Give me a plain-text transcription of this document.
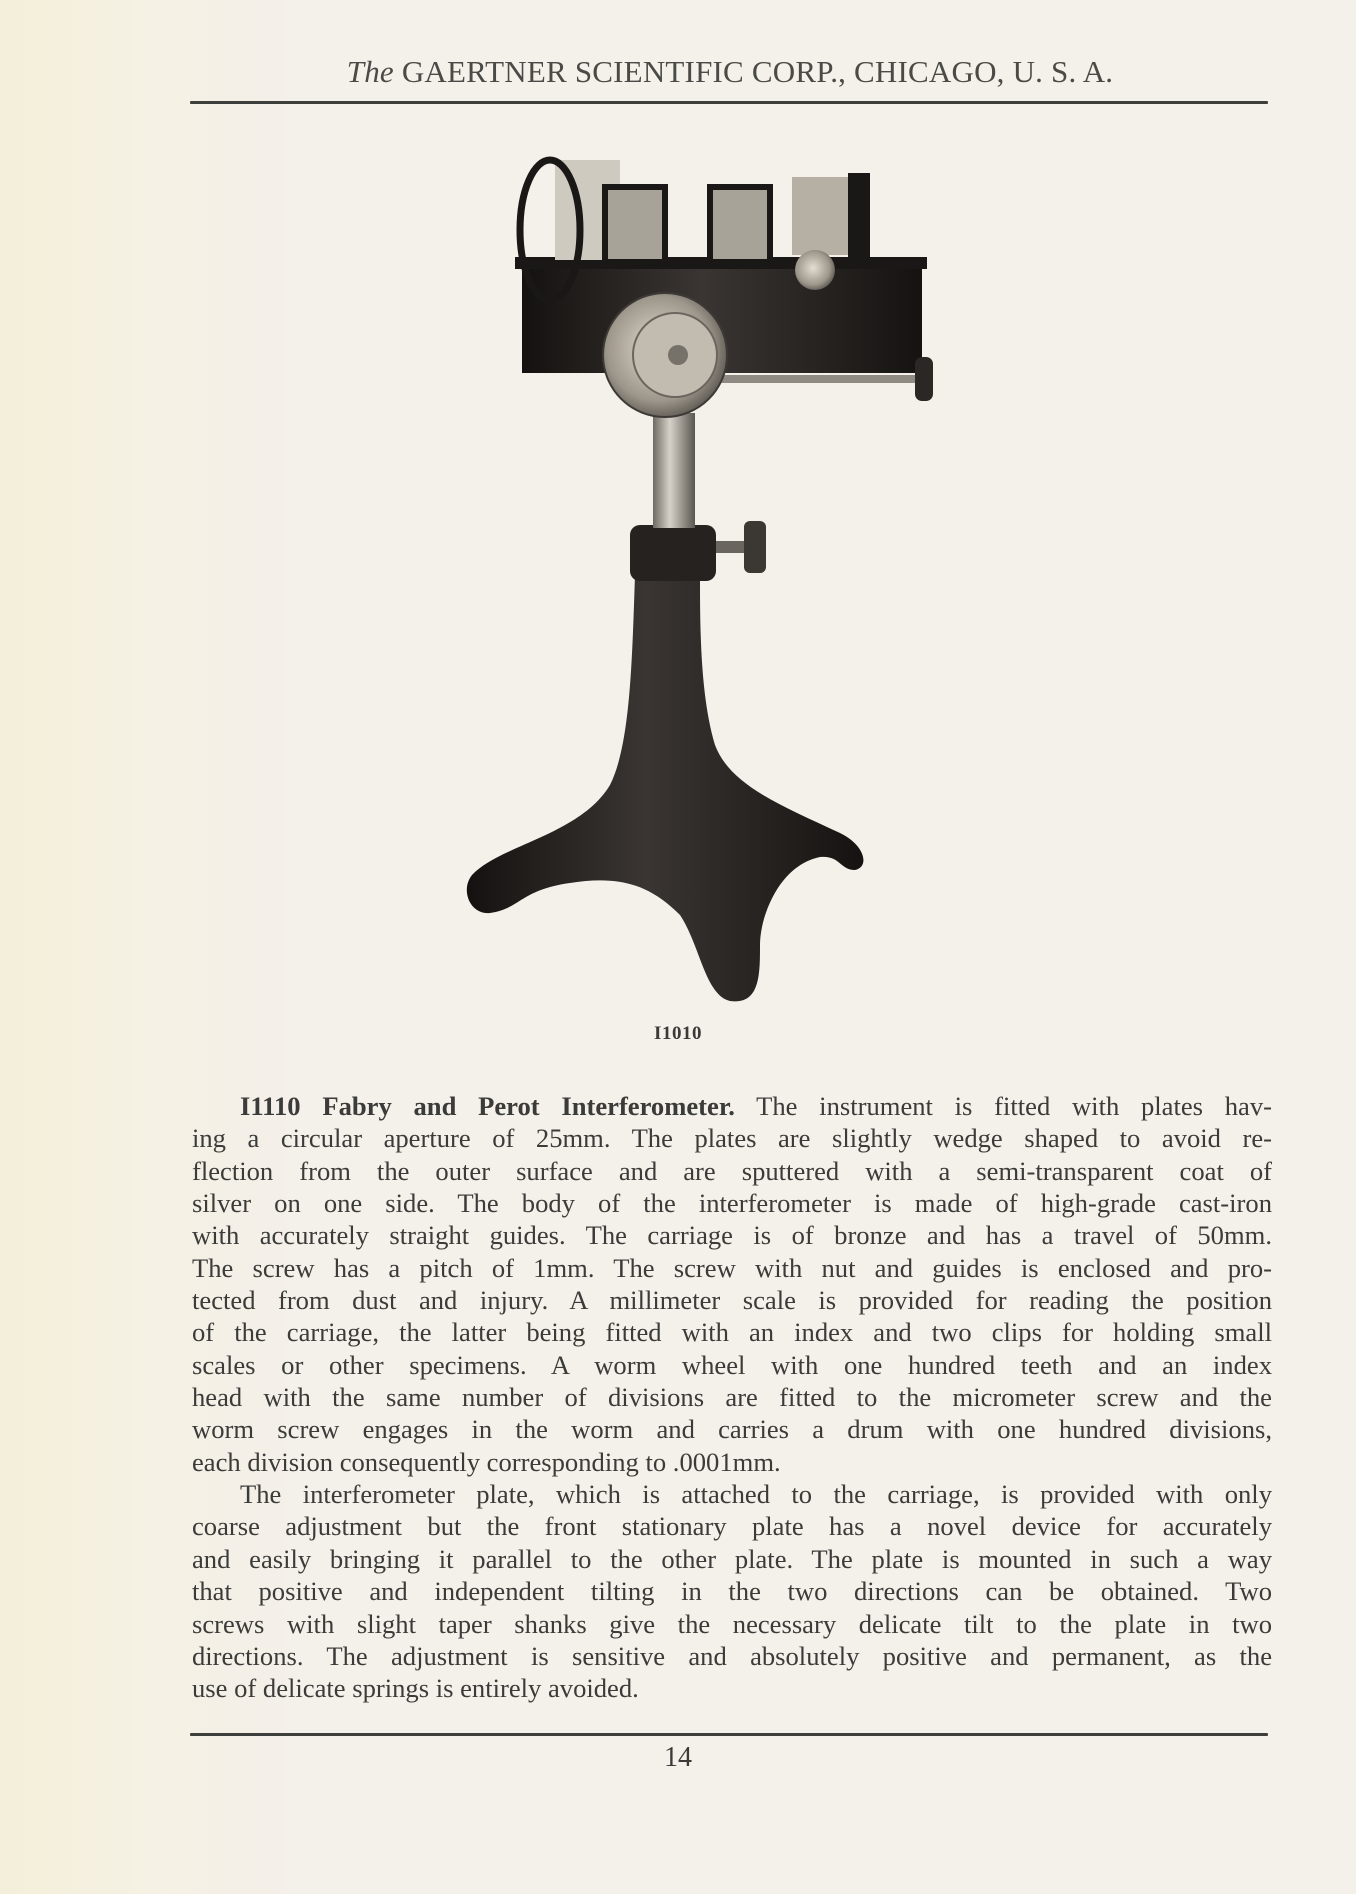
The GAERTNER SCIENTIFIC CORP., CHICAGO, U. S. A.
I1010
I1110 Fabry and Perot Interferometer. The instrument is fitted with plates hav-
ing a circular aperture of 25mm. The plates are slightly wedge shaped to avoid re-
flection from the outer surface and are sputtered with a semi-transparent coat of
silver on one side. The body of the interferometer is made of high-grade cast-iron
with accurately straight guides. The carriage is of bronze and has a travel of 50mm.
The screw has a pitch of 1mm. The screw with nut and guides is enclosed and pro-
tected from dust and injury. A millimeter scale is provided for reading the position
of the carriage, the latter being fitted with an index and two clips for holding small
scales or other specimens. A worm wheel with one hundred teeth and an index
head with the same number of divisions are fitted to the micrometer screw and the
worm screw engages in the worm and carries a drum with one hundred divisions,
each division consequently corresponding to .0001mm.
The interferometer plate, which is attached to the carriage, is provided with only
coarse adjustment but the front stationary plate has a novel device for accurately
and easily bringing it parallel to the other plate. The plate is mounted in such a way
that positive and independent tilting in the two directions can be obtained. Two
screws with slight taper shanks give the necessary delicate tilt to the plate in two
directions. The adjustment is sensitive and absolutely positive and permanent, as the
use of delicate springs is entirely avoided.
14
